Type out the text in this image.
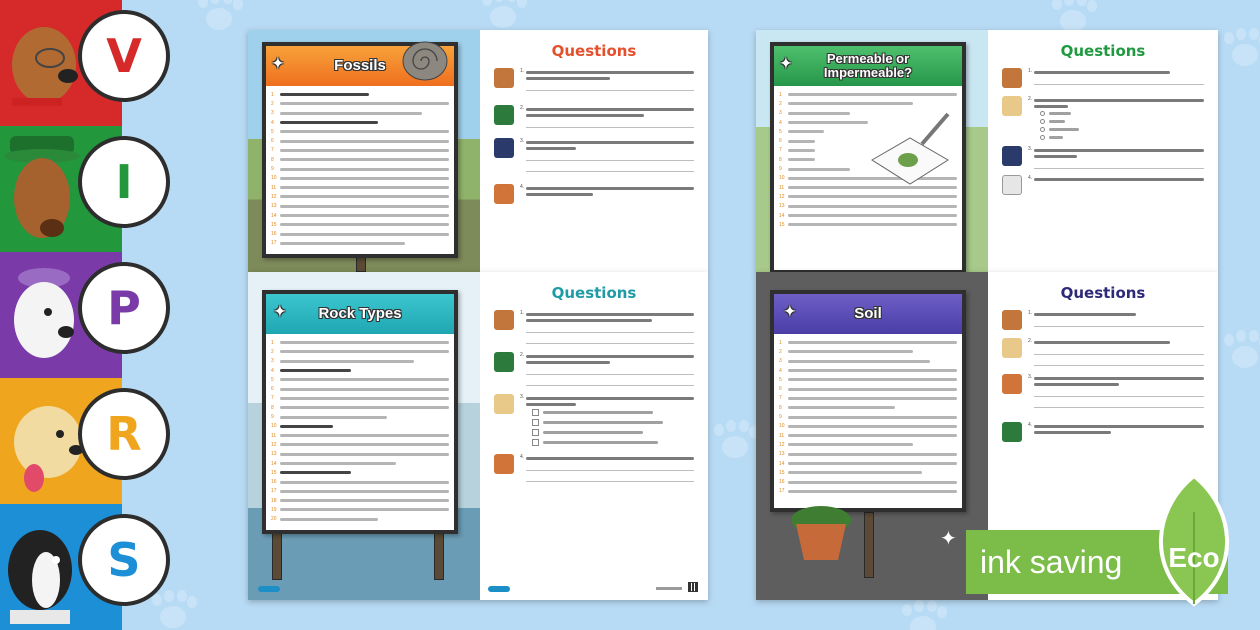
V
I
P
R
S
✦	Fossils
1
2
3
4
5
6
7
8
9
10
11
12
13
14
15
16
17
Questions
1.
2.
3.
4.
✦ Rock Types
1
2
3
4
5
6
7
8
9
10
11
12
13
14
15
16
17
18
19
20
Questions
1.
2.
3.
4.
✦	Permeable or Impermeable?
1
2
3
4
5
6
7
8
9
10
11
12
13
14
15
Questions
1.
2.
3.
4.
✦	Soil
1
2
3
4
5
6
7
8
9
10
11
12
13
14
15
16
17
✦
Questions
1.
2.
3.
4.
ink saving Eco
